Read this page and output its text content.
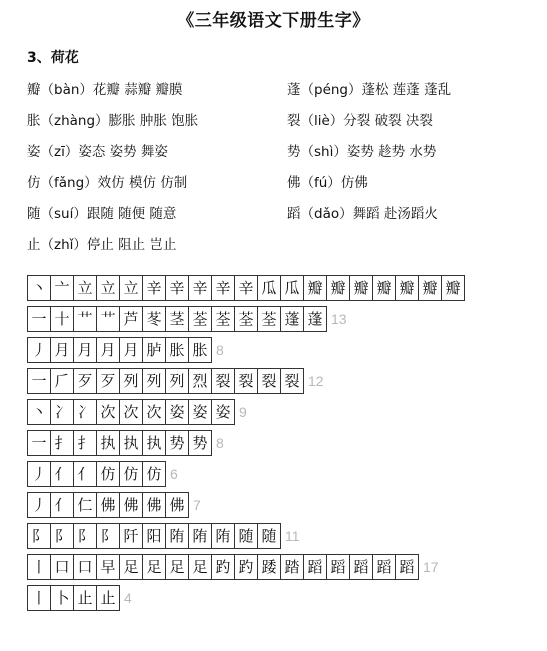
《三年级语文下册生字》
3、荷花
瓣（bàn）花瓣 蒜瓣 瓣膜	蓬（péng）蓬松 莲蓬 蓬乱
胀（zhàng）膨胀 肿胀 饱胀	裂（liè）分裂 破裂 决裂
姿（zī）姿态 姿势 舞姿	势（shì）姿势 趁势 水势
仿（fǎng）效仿 模仿 仿制	佛（fú）仿佛
随（suí）跟随 随便 随意	蹈（dǎo）舞蹈 赴汤蹈火
止（zhǐ）停止 阻止 岂止
丶 亠 立 立 立 辛 辛 辛 辛 辛 瓜 瓜 瓣 瓣 瓣 瓣 瓣 瓣 瓣
一 十 艹 艹 芦 苳 茎 荃 荃 荃 荃 蓬 蓬 13
丿 月 月 月 月 胪 胀 胀 8
一 𠂆 歹 歹 列 列 列 烈 裂 裂 裂 裂 12
丶 冫 冫 次 次 次 姿 姿 姿 9
一 扌 扌 执 执 执 势 势 8
丿 亻 亻 仿 仿 仿 6
丿 亻 仁 佛 佛 佛 佛 7
阝 阝 阝 阝 阡 阳 陏 陏 陏 随 随 11
丨 口 口 早 足 足 足 足 趵 趵 踒 踏 蹈 蹈 蹈 蹈 蹈 17
丨 卜 止 止 4
